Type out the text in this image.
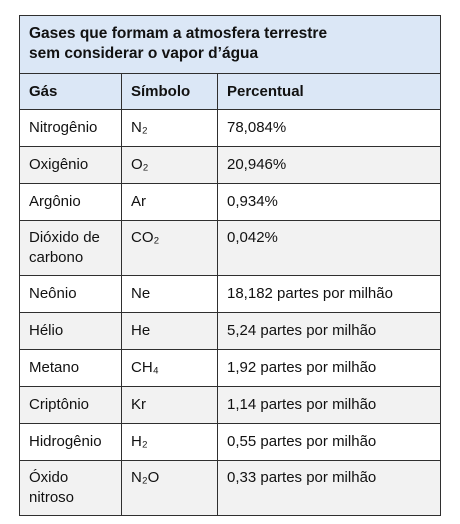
Gases que formam a atmosfera terrestre
sem considerar o vapor d’água		
Gás	Símbolo	Percentual
Nitrogênio	N₂	78,084%
Oxigênio	O₂	20,946%
Argônio	Ar	0,934%
Dióxido de
carbono	CO₂	0,042%
Neônio	Ne	18,182 partes por milhão
Hélio	He	5,24 partes por milhão
Metano	CH₄	1,92 partes por milhão
Criptônio	Kr	1,14 partes por milhão
Hidrogênio	H₂	0,55 partes por milhão
Óxido
nitroso	N₂O	0,33 partes por milhão
